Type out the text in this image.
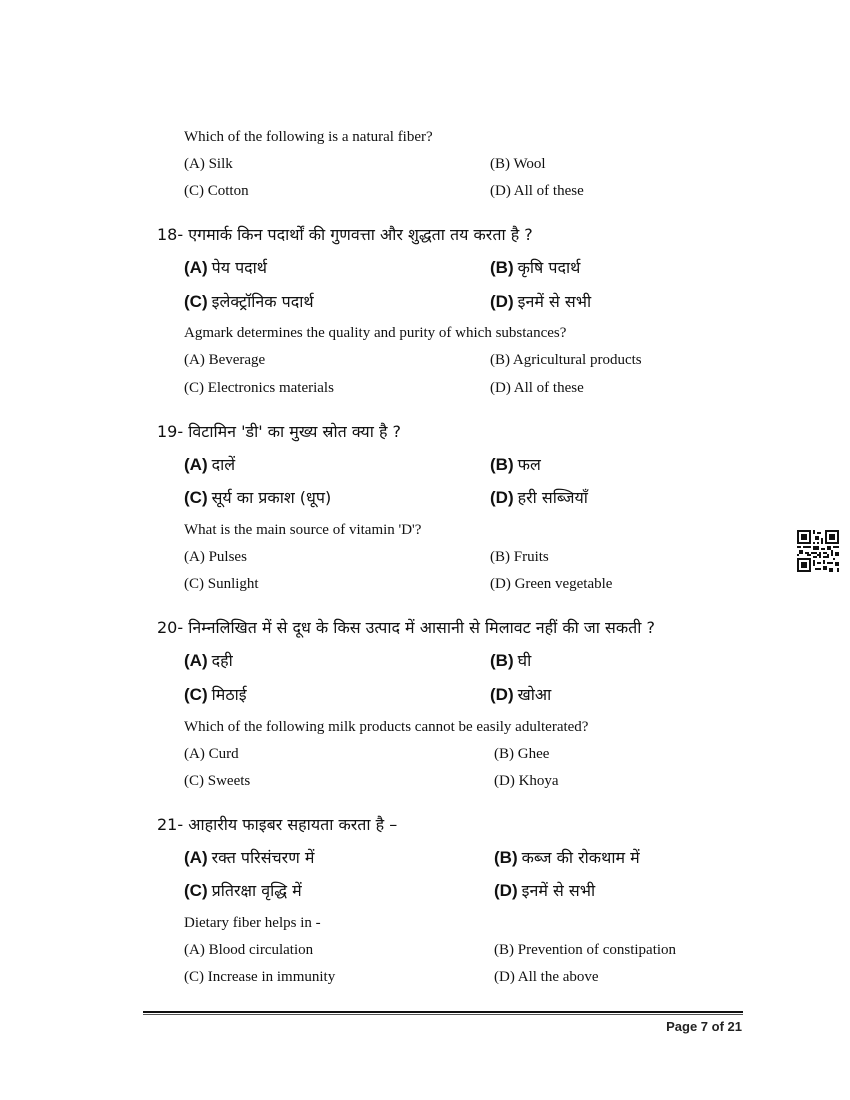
Which of the following is a natural fiber?
(A) Silk	(B) Wool
(C) Cotton	(D) All of these
18- एगमार्क किन पदार्थों की गुणवत्ता और शुद्धता तय करता है ?
(A) पेय पदार्थ	(B) कृषि पदार्थ
(C) इलेक्ट्रॉनिक पदार्थ	(D) इनमें से सभी
Agmark determines the quality and purity of which substances?
(A) Beverage	(B) Agricultural products
(C) Electronics materials	(D) All of these
19- विटामिन 'डी' का मुख्य स्रोत क्या है ?
(A) दालें	(B) फल
(C) सूर्य का प्रकाश (धूप)	(D) हरी सब्जियाँ
What is the main source of vitamin 'D'?
(A) Pulses	(B) Fruits
(C) Sunlight	(D) Green vegetable
20- निम्नलिखित में से दूध के किस उत्पाद में आसानी से मिलावट नहीं की जा सकती ?
(A) दही	(B) घी
(C) मिठाई	(D) खोआ
Which of the following milk products cannot be easily adulterated?
(A) Curd	(B) Ghee
(C) Sweets	(D) Khoya
21- आहारीय फाइबर सहायता करता है –
(A) रक्त परिसंचरण में	(B) कब्ज की रोकथाम में
(C) प्रतिरक्षा वृद्धि में	(D) इनमें से सभी
Dietary fiber helps in -
(A) Blood circulation	(B) Prevention of constipation
(C) Increase in immunity	(D) All the above
Page 7 of 21
